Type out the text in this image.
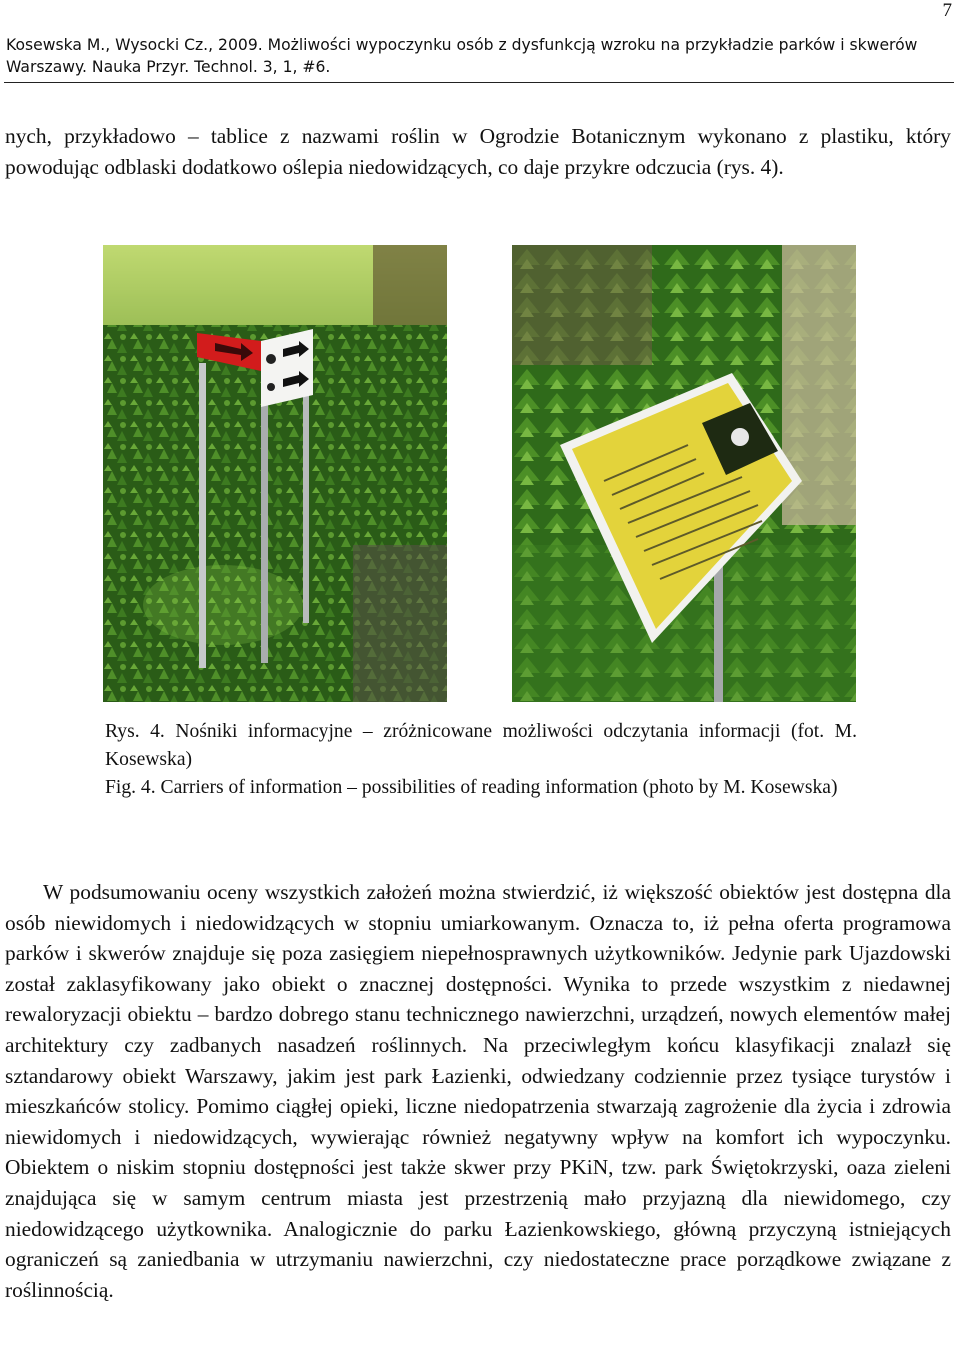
7
Kosewska M., Wysocki Cz., 2009. Możliwości wypoczynku osób z dysfunkcją wzroku na przykładzie parków i skwerów Warszawy. Nauka Przyr. Technol. 3, 1, #6.

nych, przykładowo – tablice z nazwami roślin w Ogrodzie Botanicznym wykonano z plastiku, który powodując odblaski dodatkowo oślepia niedowidzących, co daje przykre odczucia (rys. 4).

Rys. 4. Nośniki informacyjne – zróżnicowane możliwości odczytania informacji (fot. M. Kosewska)

Fig. 4. Carriers of information – possibilities of reading information (photo by M. Kosewska)

W podsumowaniu oceny wszystkich założeń można stwierdzić, iż większość obiektów jest dostępna dla osób niewidomych i niedowidzących w stopniu umiarkowanym. Oznacza to, iż pełna oferta programowa parków i skwerów znajduje się poza zasięgiem niepełnosprawnych użytkowników. Jedynie park Ujazdowski został zaklasyfikowany jako obiekt o znacznej dostępności. Wynika to przede wszystkim z niedawnej rewaloryzacji obiektu – bardzo dobrego stanu technicznego nawierzchni, urządzeń, nowych elementów małej architektury czy zadbanych nasadzeń roślinnych. Na przeciwległym końcu klasyfikacji znalazł się sztandarowy obiekt Warszawy, jakim jest park Łazienki, odwiedzany codziennie przez tysiące turystów i mieszkańców stolicy. Pomimo ciągłej opieki, liczne niedopatrzenia stwarzają zagrożenie dla życia i zdrowia niewidomych i niedowidzących, wywierając również negatywny wpływ na komfort ich wypoczynku. Obiektem o niskim stopniu dostępności jest także skwer przy PKiN, tzw. park Świętokrzyski, oaza zieleni znajdująca się w samym centrum miasta jest przestrzenią mało przyjazną dla niewidomego, czy niedowidzącego użytkownika. Analogicznie do parku Łazienkowskiego, główną przyczyną istniejących ograniczeń są zaniedbania w utrzymaniu nawierzchni, czy niedostateczne prace porządkowe związane z roślinnością.
